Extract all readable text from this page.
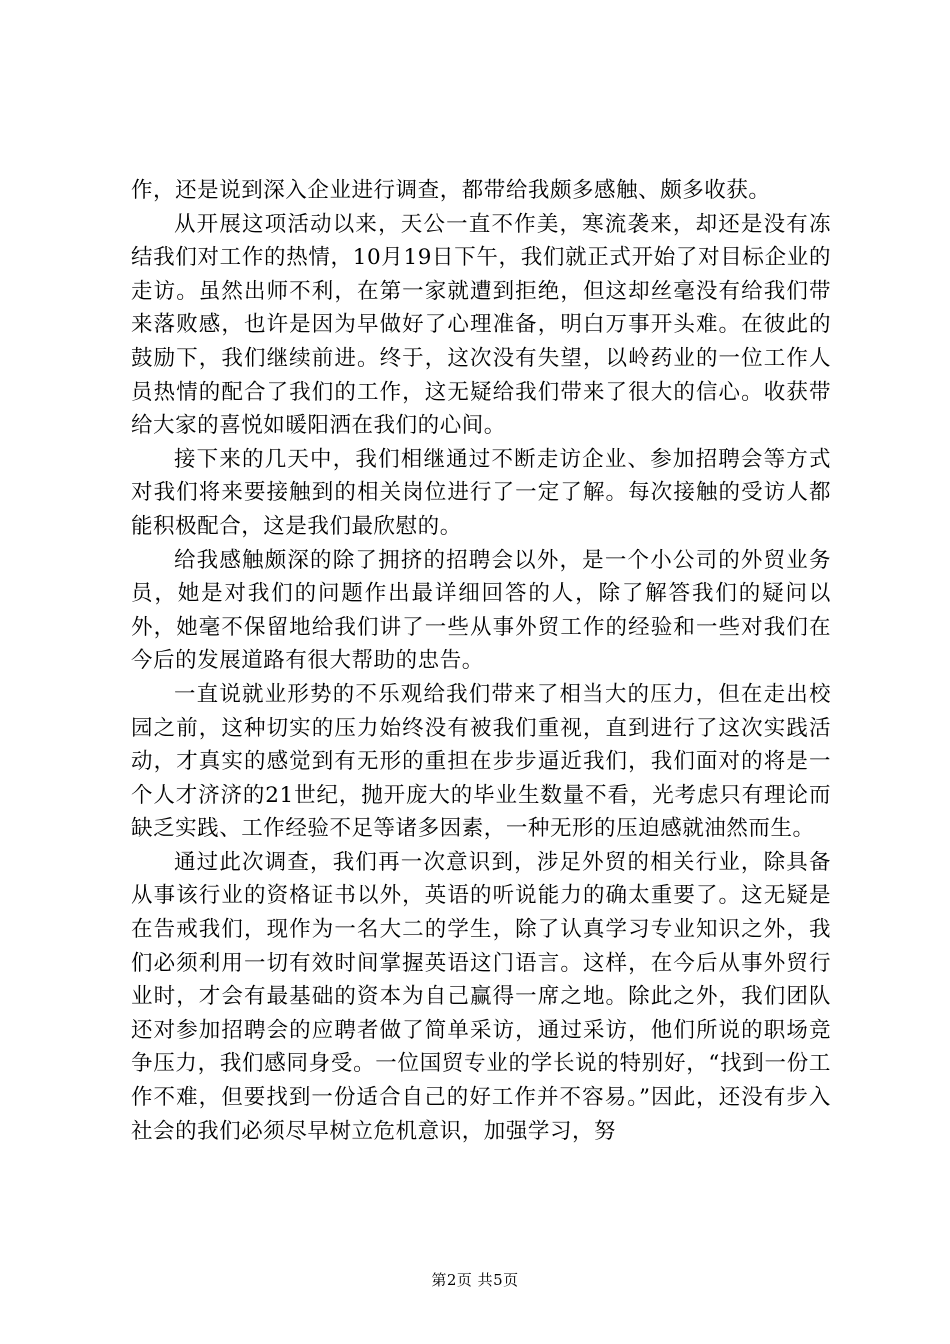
作，还是说到深入企业进行调查，都带给我颇多感触、颇多收获。

从开展这项活动以来，天公一直不作美，寒流袭来，却还是没有冻结我们对工作的热情，10月19日下午，我们就正式开始了对目标企业的走访。虽然出师不利，在第一家就遭到拒绝，但这却丝毫没有给我们带来落败感，也许是因为早做好了心理准备，明白万事开头难。在彼此的鼓励下，我们继续前进。终于，这次没有失望，以岭药业的一位工作人员热情的配合了我们的工作，这无疑给我们带来了很大的信心。收获带给大家的喜悦如暖阳洒在我们的心间。

接下来的几天中，我们相继通过不断走访企业、参加招聘会等方式对我们将来要接触到的相关岗位进行了一定了解。每次接触的受访人都能积极配合，这是我们最欣慰的。

给我感触颇深的除了拥挤的招聘会以外，是一个小公司的外贸业务员，她是对我们的问题作出最详细回答的人，除了解答我们的疑问以外，她毫不保留地给我们讲了一些从事外贸工作的经验和一些对我们在今后的发展道路有很大帮助的忠告。

一直说就业形势的不乐观给我们带来了相当大的压力，但在走出校园之前，这种切实的压力始终没有被我们重视，直到进行了这次实践活动，才真实的感觉到有无形的重担在步步逼近我们，我们面对的将是一个人才济济的21世纪，抛开庞大的毕业生数量不看，光考虑只有理论而缺乏实践、工作经验不足等诸多因素，一种无形的压迫感就油然而生。

通过此次调查，我们再一次意识到，涉足外贸的相关行业，除具备从事该行业的资格证书以外，英语的听说能力的确太重要了。这无疑是在告戒我们，现作为一名大二的学生，除了认真学习专业知识之外，我们必须利用一切有效时间掌握英语这门语言。这样，在今后从事外贸行业时，才会有最基础的资本为自己赢得一席之地。除此之外，我们团队还对参加招聘会的应聘者做了简单采访，通过采访，他们所说的职场竞争压力，我们感同身受。一位国贸专业的学长说的特别好，“找到一份工作不难，但要找到一份适合自己的好工作并不容易。”因此，还没有步入社会的我们必须尽早树立危机意识，加强学习，努

第2页 共5页
